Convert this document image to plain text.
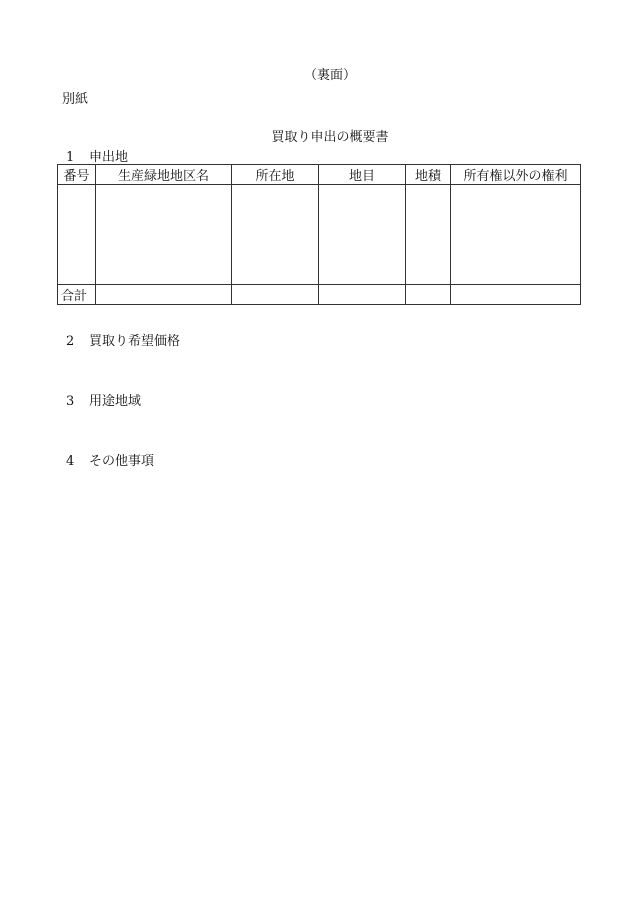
（裏面）
別紙
買取り申出の概要書
1 申出地
番号	生産緑地地区名	所在地	地目	地積	所有権以外の権利

合計					
2 買取り希望価格
3 用途地域
4 その他事項
